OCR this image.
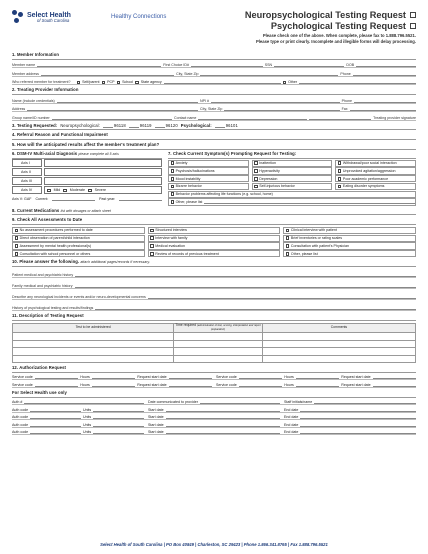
Select Health
of South Carolina
Healthy Connections	Neuropsychological Testing Request
Psychological Testing Request
Please check one of the above. When complete, please fax to 1.888.796.5521.
Please type or print clearly. Incomplete and illegible forms will delay processing.
1. Member Information
Member name	First Choice ID#	SSN	DOB
Member address	City, State Zip	Phone
Who referred member for treatment?	Self/parent PCP School State agency	Other
2. Treating Provider Information
Name (include credentials)	NPI #	Phone
Address	City, State Zip	Fax
Group name/ID number	Contact name	Treating provider signature
3. Testing Requested: Neuropsychological:	96118	96119	96120 Psychological:	96101
4. Referral Reason and Functional Impairment
5. How will the anticipated results affect the member's treatment plan?
6. DSM-IV Multi-axial Diagnosis please complete all 5 axis
Axis I
Axis II
Axis III
Axis IV	Mild	Moderate	Severe
Axis V: GAF Current:	Past year:
7. Check Current Symptom(s) Prompting Request for Testing:
Anxiety	Inattention	Withdrawal/poor social interaction
Psychosis/hallucinations	Hyperactivity	Unprovoked agitation/aggression
Mood instability	Depression	Poor academic performance
Bizarre behavior	Self-injurious behavior	Eating disorder symptoms
Behavior problems affecting life functions (e.g. school, home)
Other, please list
8. Current Medications list with dosages or attach sheet
9. Check All Assessments to Date
No assessment procedures performed to date	Structured interview	Clinical interview with patient
Direct observation of parent/child interaction	Interview with family	Brief inventories or rating scales
Assessment by mental health professional(s)	Medical evaluation	Consultation with patient's Physician
Consultation with school personnel or others	Review of records of previous treatment	Other, please list
10. Please answer the following. attach additional pages/records if necessary.
Patient medical and psychiatric history
Family medical and psychiatric history
Describe any neurological incidents or events and/or neuro-developmental concerns
History of psychological testing and results/findings
11. Description of Testing Request
Test to be administered	Time required (administration of test, scoring, interpretation and report preparation)	Comments

12. Authorization Request
Service code	Hours	Request start date	Service code	Hours	Request start date
Service code	Hours	Request start date	Service code	Hours	Request start date
For Select Health use only
Auth #	Date communicated to provider	Staff initials/name
Auth code	Units	Start date	End date
Auth code	Units	Start date	End date
Auth code	Units	Start date	End date
Auth code	Units	Start date	End date
Select Health of South Carolina | PO Box 40849 | Charleston, SC 29423 | Phone 1.866.341.8765 | Fax 1.888.796.5521
